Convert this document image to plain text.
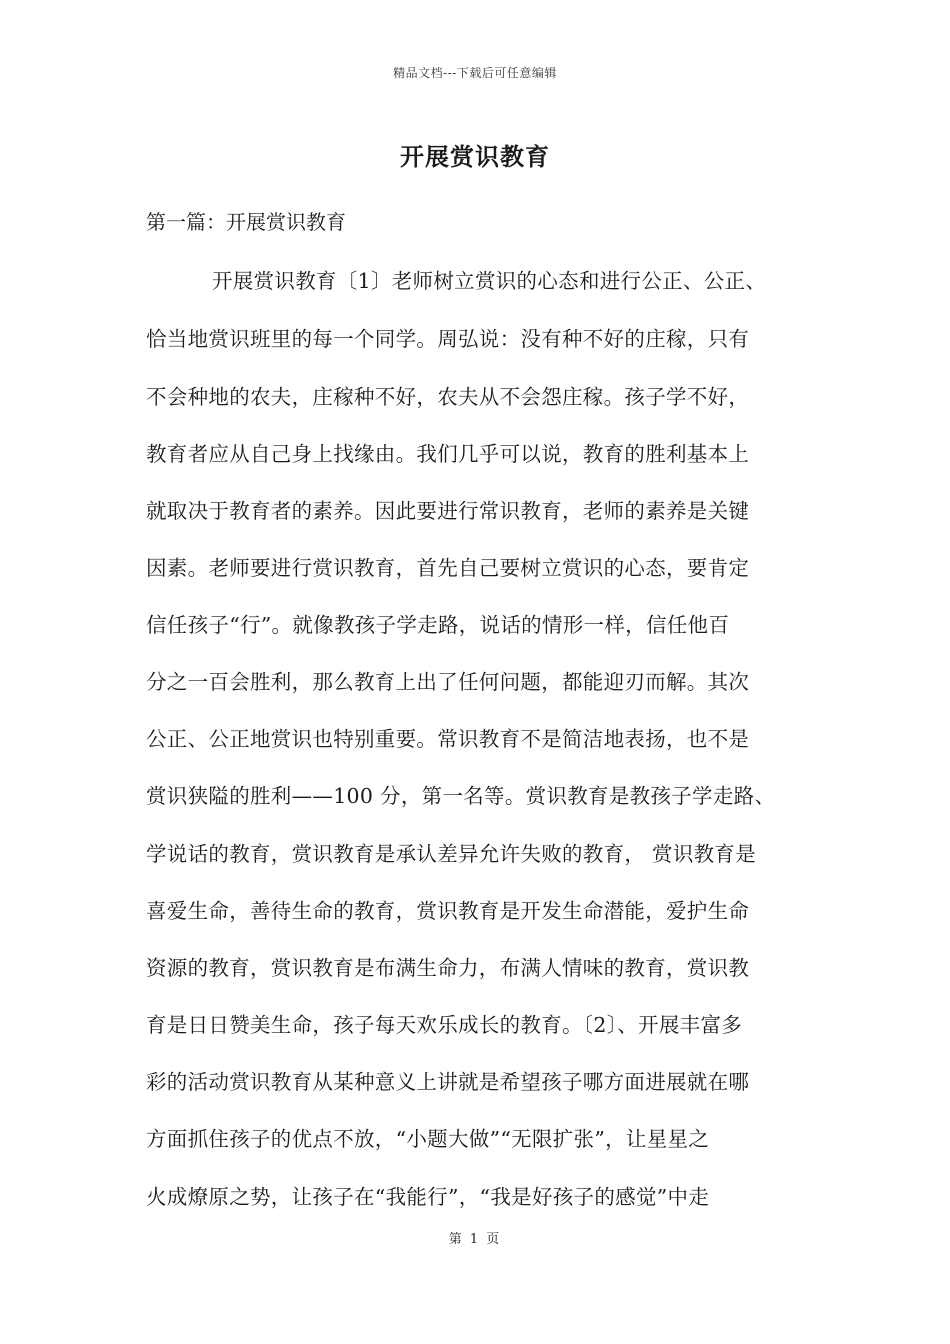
精品文档---下载后可任意编辑
开展赏识教育
第一篇：开展赏识教育
开展赏识教育〔1〕老师树立赏识的心态和进行公正、公正、
恰当地赏识班里的每一个同学。周弘说：没有种不好的庄稼，只有
不会种地的农夫，庄稼种不好，农夫从不会怨庄稼。孩子学不好，
教育者应从自己身上找缘由。我们几乎可以说，教育的胜利基本上
就取决于教育者的素养。因此要进行常识教育，老师的素养是关键
因素。老师要进行赏识教育，首先自己要树立赏识的心态，要肯定
信任孩子“行”。就像教孩子学走路，说话的情形一样，信任他百
分之一百会胜利，那么教育上出了任何问题，都能迎刃而解。其次
公正、公正地赏识也特别重要。常识教育不是简洁地表扬，也不是
赏识狭隘的胜利——100 分，第一名等。赏识教育是教孩子学走路、
学说话的教育，赏识教育是承认差异允许失败的教育， 赏识教育是
喜爱生命，善待生命的教育，赏识教育是开发生命潜能，爱护生命
资源的教育，赏识教育是布满生命力，布满人情味的教育，赏识教
育是日日赞美生命，孩子每天欢乐成长的教育。〔2〕、开展丰富多
彩的活动赏识教育从某种意义上讲就是希望孩子哪方面进展就在哪
方面抓住孩子的优点不放，“小题大做”“无限扩张”，让星星之
火成燎原之势，让孩子在“我能行”，“我是好孩子的感觉”中走
第 1 页
